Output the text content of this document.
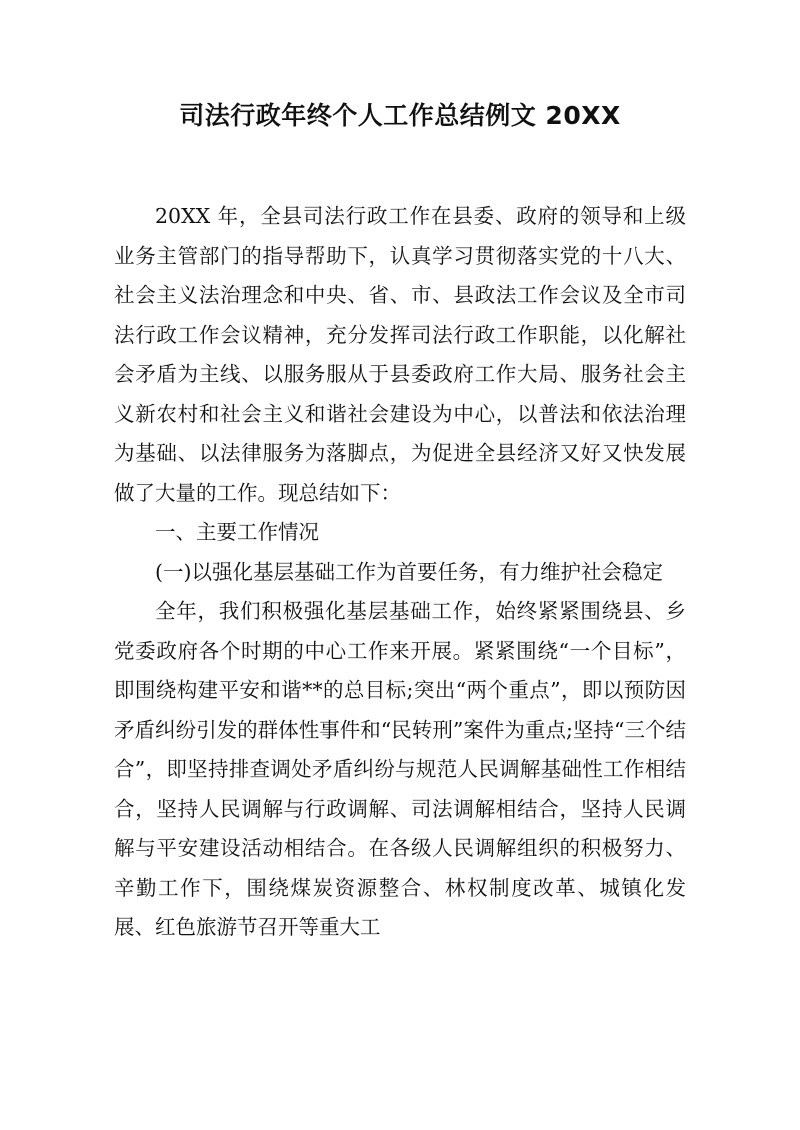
司法行政年终个人工作总结例文 20XX

20XX 年，全县司法行政工作在县委、政府的领导和上级业务主管部门的指导帮助下，认真学习贯彻落实党的十八大、社会主义法治理念和中央、省、市、县政法工作会议及全市司法行政工作会议精神，充分发挥司法行政工作职能，以化解社会矛盾为主线、以服务服从于县委政府工作大局、服务社会主义新农村和社会主义和谐社会建设为中心，以普法和依法治理为基础、以法律服务为落脚点，为促进全县经济又好又快发展做了大量的工作。现总结如下：

一、主要工作情况

(一)以强化基层基础工作为首要任务，有力维护社会稳定

全年，我们积极强化基层基础工作，始终紧紧围绕县、乡党委政府各个时期的中心工作来开展。紧紧围绕“一个目标”，即围绕构建平安和谐**的总目标;突出“两个重点”，即以预防因矛盾纠纷引发的群体性事件和“民转刑”案件为重点;坚持“三个结合”，即坚持排查调处矛盾纠纷与规范人民调解基础性工作相结合，坚持人民调解与行政调解、司法调解相结合，坚持人民调解与平安建设活动相结合。在各级人民调解组织的积极努力、辛勤工作下，围绕煤炭资源整合、林权制度改革、城镇化发展、红色旅游节召开等重大工
